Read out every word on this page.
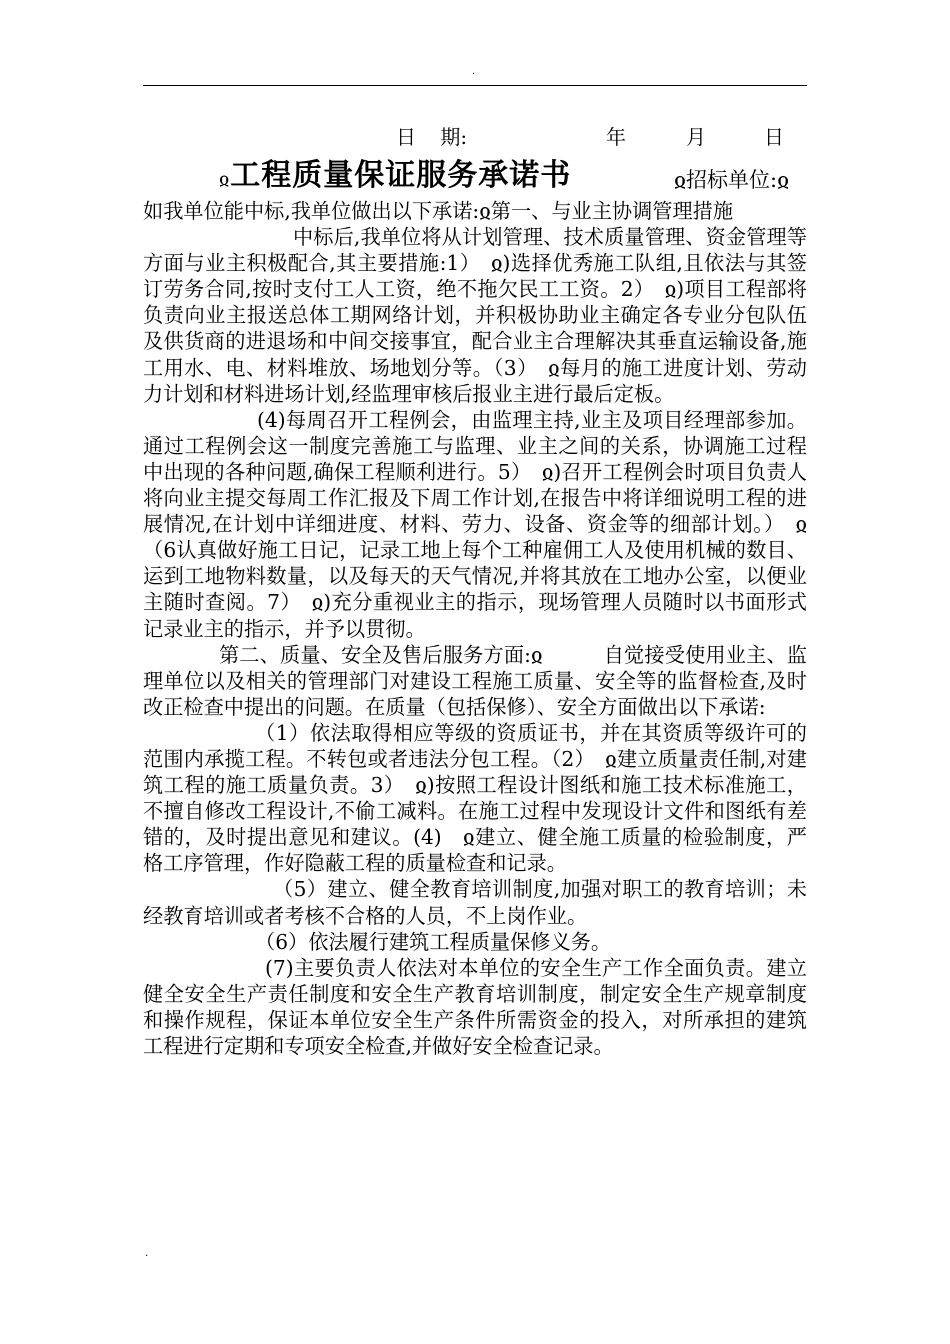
·
日 期:	年	月	日
ჲ工程质量保证服务承诺书	ჲ招标单位:ჲ

如我单位能中标,我单位做出以下承诺:ჲ第一、与业主协调管理措施

中标后,我单位将从计划管理、技术质量管理、资金管理等方面与业主积极配合,其主要措施:1）　ჲ)选择优秀施工队组,且依法与其签订劳务合同,按时支付工人工资，绝不拖欠民工工资。2）　ჲ)项目工程部将负责向业主报送总体工期网络计划，并积极协助业主确定各专业分包队伍及供货商的进退场和中间交接事宜，配合业主合理解决其垂直运输设备,施工用水、电、材料堆放、场地划分等。（3）　ჲ每月的施工进度计划、劳动力计划和材料进场计划,经监理审核后报业主进行最后定板。

(4)每周召开工程例会，由监理主持,业主及项目经理部参加。通过工程例会这一制度完善施工与监理、业主之间的关系，协调施工过程中出现的各种问题,确保工程顺利进行。5）　ჲ)召开工程例会时项目负责人将向业主提交每周工作汇报及下周工作计划,在报告中将详细说明工程的进展情况,在计划中详细进度、材料、劳力、设备、资金等的细部计划。）　ჲ（6认真做好施工日记，记录工地上每个工种雇佣工人及使用机械的数目、运到工地物料数量，以及每天的天气情况,并将其放在工地办公室，以便业主随时查阅。7）　ჲ)充分重视业主的指示，现场管理人员随时以书面形式记录业主的指示，并予以贯彻。

第二、质量、安全及售后服务方面:ჲ　　　自觉接受使用业主、监理单位以及相关的管理部门对建设工程施工质量、安全等的监督检查,及时改正检查中提出的问题。在质量（包括保修）、安全方面做出以下承诺:

（1）依法取得相应等级的资质证书，并在其资质等级许可的范围内承揽工程。不转包或者违法分包工程。（2）　ჲ建立质量责任制,对建筑工程的施工质量负责。3）　ჲ)按照工程设计图纸和施工技术标准施工，不擅自修改工程设计,不偷工减料。在施工过程中发现设计文件和图纸有差错的，及时提出意见和建议。(4)　ჲ建立、健全施工质量的检验制度，严格工序管理，作好隐蔽工程的质量检查和记录。

（5）建立、健全教育培训制度,加强对职工的教育培训；未经教育培训或者考核不合格的人员，不上岗作业。

（6）依法履行建筑工程质量保修义务。

(7)主要负责人依法对本单位的安全生产工作全面负责。建立健全安全生产责任制度和安全生产教育培训制度，制定安全生产规章制度和操作规程，保证本单位安全生产条件所需资金的投入，对所承担的建筑工程进行定期和专项安全检查,并做好安全检查记录。

·
